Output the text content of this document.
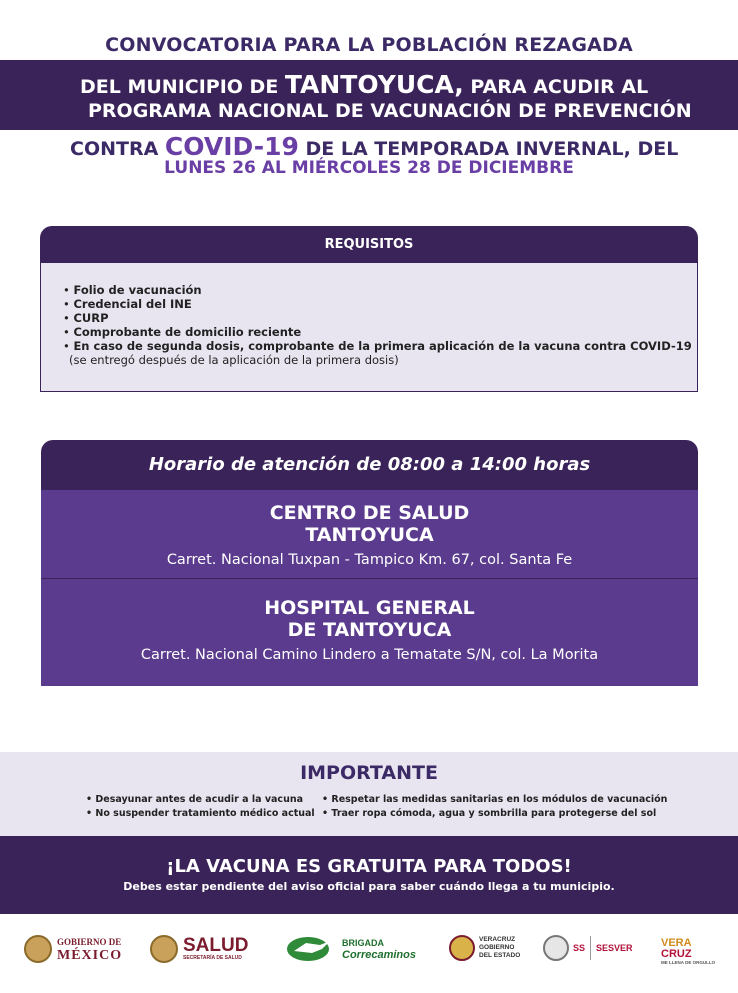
CONVOCATORIA PARA LA POBLACIÓN REZAGADA
DEL MUNICIPIO DE TANTOYUCA, PARA ACUDIR AL
PROGRAMA NACIONAL DE VACUNACIÓN DE PREVENCIÓN
CONTRA COVID-19 DE LA TEMPORADA INVERNAL, DEL
LUNES 26 AL MIÉRCOLES 28 DE DICIEMBRE
REQUISITOS
• Folio de vacunación
• Credencial del INE
• CURP
• Comprobante de domicilio reciente
• En caso de segunda dosis, comprobante de la primera aplicación de la vacuna contra COVID-19
(se entregó después de la aplicación de la primera dosis)
Horario de atención de 08:00 a 14:00 horas
CENTRO DE SALUD
TANTOYUCA
Carret. Nacional Tuxpan - Tampico Km. 67, col. Santa Fe
HOSPITAL GENERAL
DE TANTOYUCA
Carret. Nacional Camino Lindero a Tematate S/N, col. La Morita
IMPORTANTE
• Desayunar antes de acudir a la vacuna
• No suspender tratamiento médico actual
• Respetar las medidas sanitarias en los módulos de vacunación
• Traer ropa cómoda, agua y sombrilla para protegerse del sol
¡LA VACUNA ES GRATUITA PARA TODOS!
Debes estar pendiente del aviso oficial para saber cuándo llega a tu municipio.
GOBIERNO DE
MÉXICO	SALUD
SECRETARÍA DE SALUD
BRIGADA
Correcaminos
VERACRUZ
GOBIERNO
DEL ESTADO
SS SESVER	VERA
CRUZ
ME LLENA DE ORGULLO
